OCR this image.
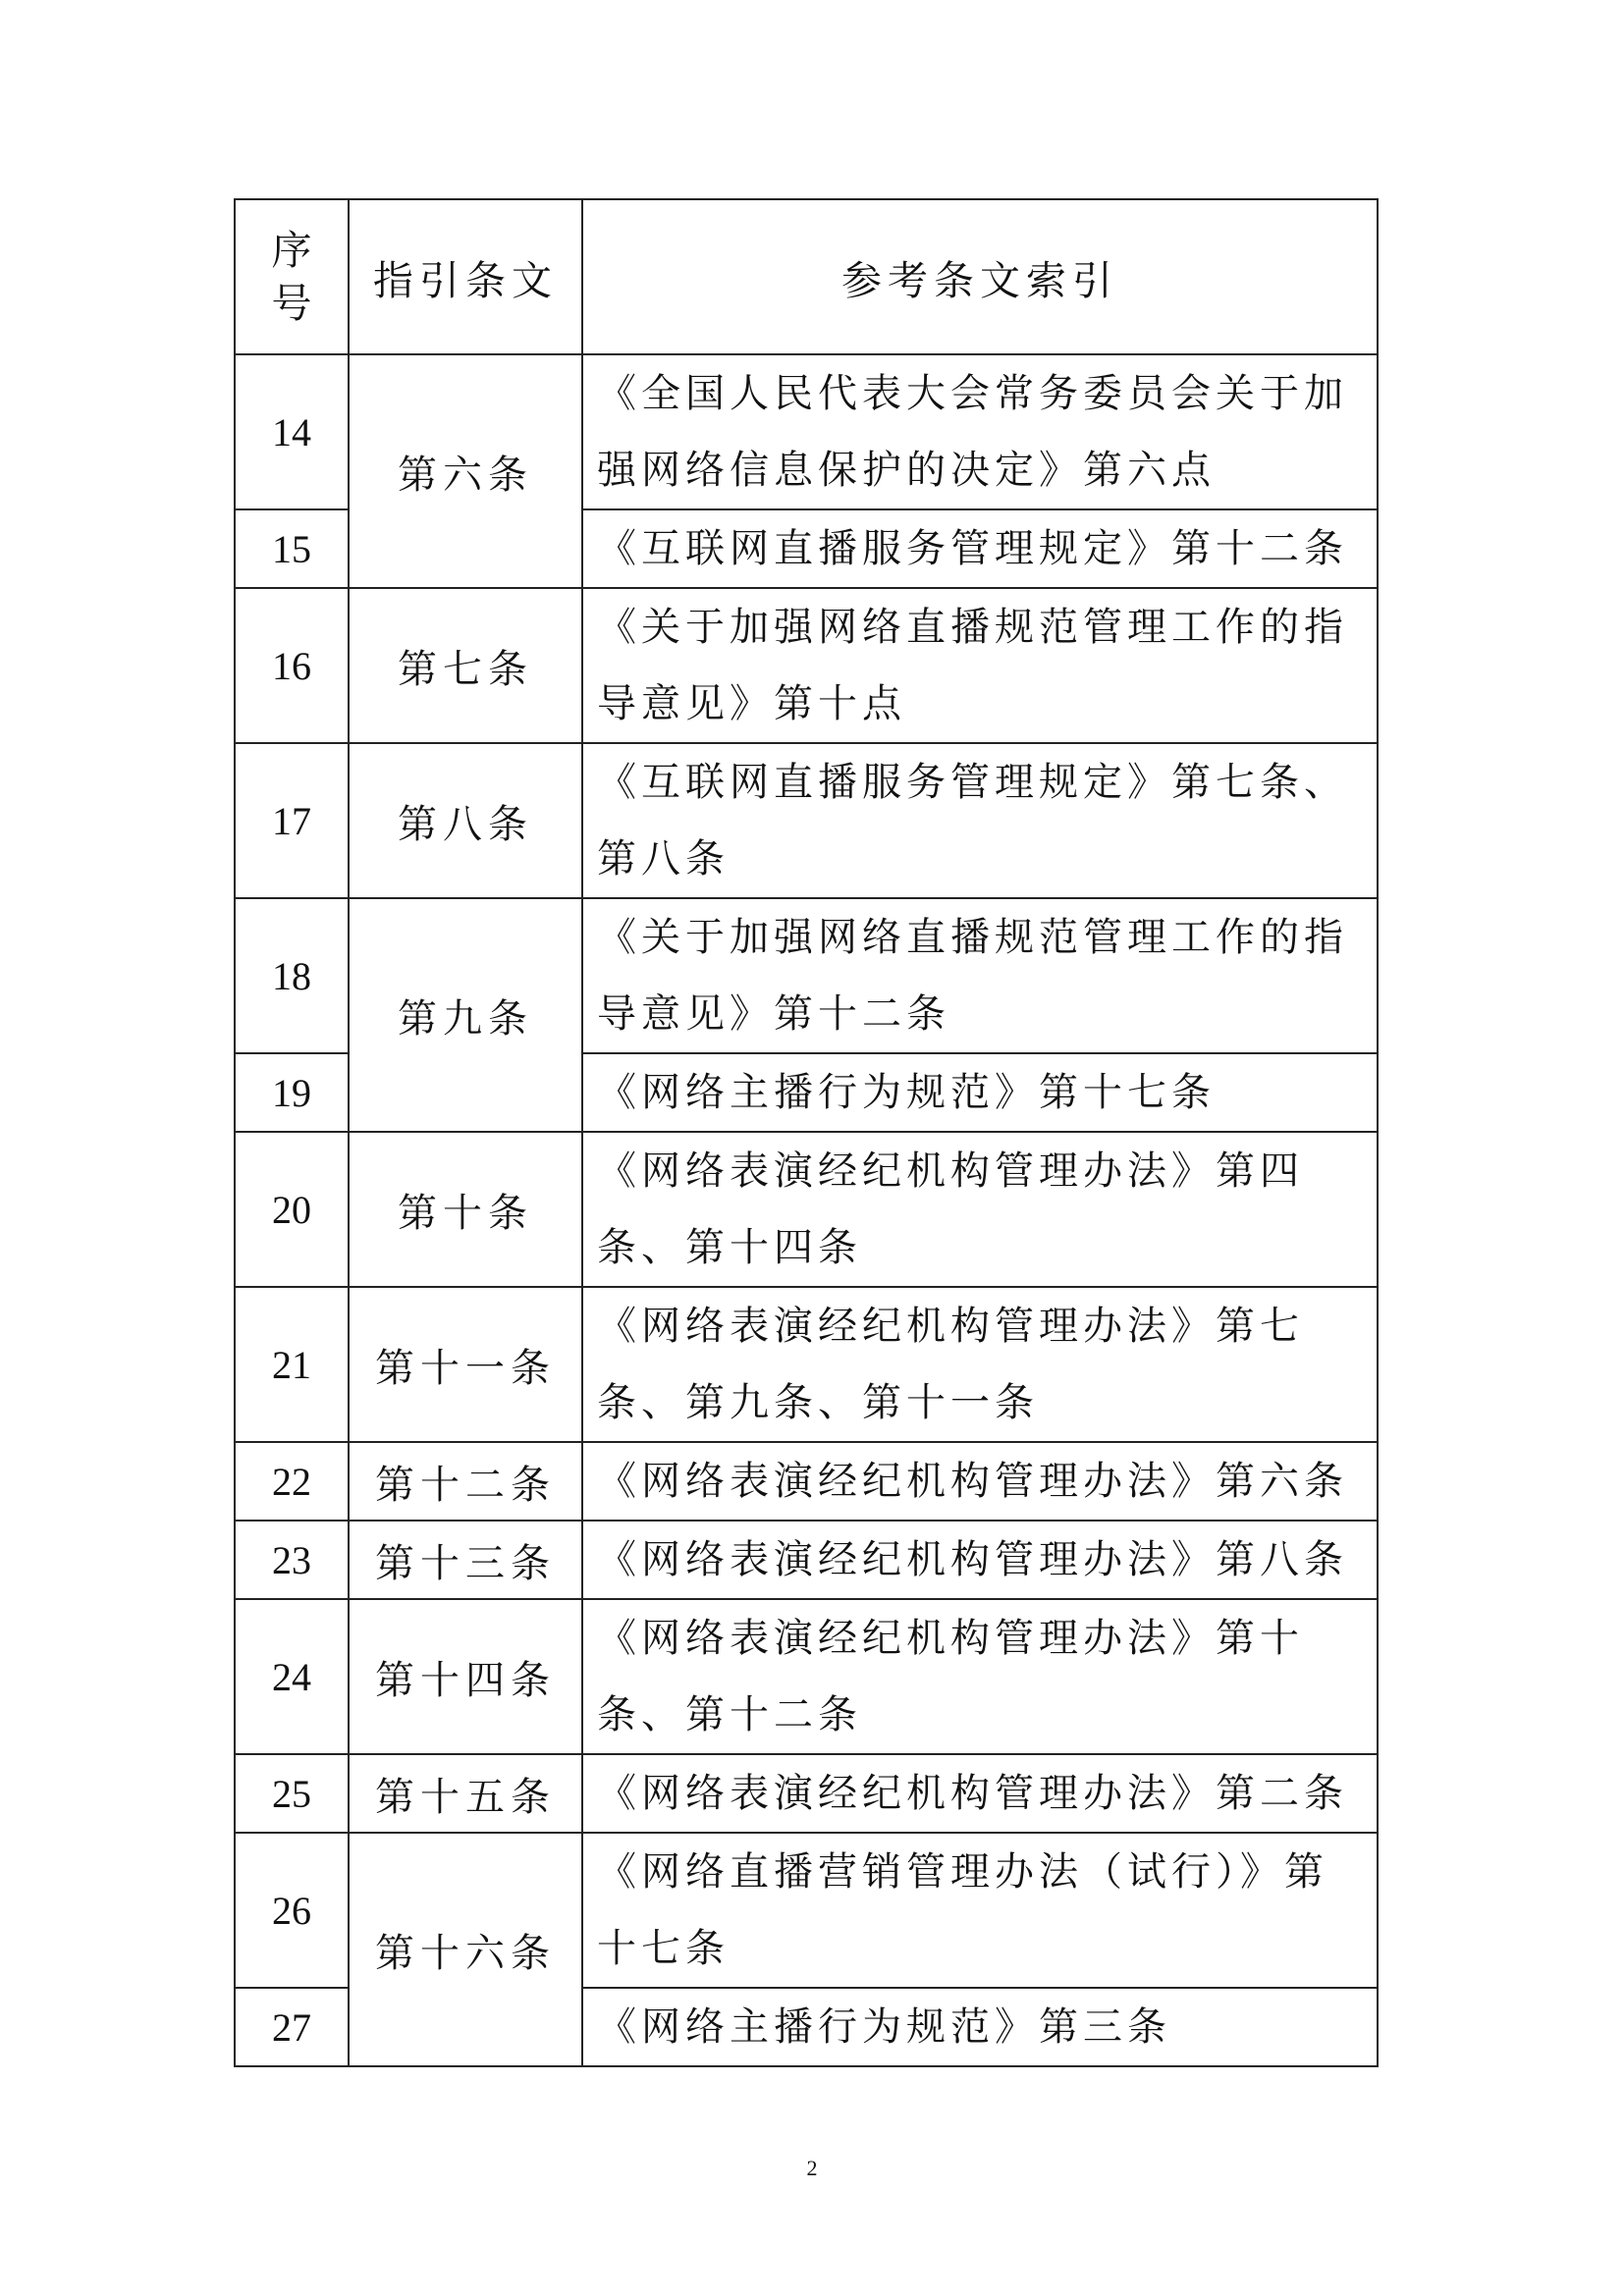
序
号	指引条文	参考条文索引
14	第六条	《全国人民代表大会常务委员会关于加强网络信息保护的决定》第六点
15		《互联网直播服务管理规定》第十二条
16	第七条	《关于加强网络直播规范管理工作的指导意见》第十点
17	第八条	《互联网直播服务管理规定》第七条、第八条
18	第九条	《关于加强网络直播规范管理工作的指导意见》第十二条
19		《网络主播行为规范》第十七条
20	第十条	《网络表演经纪机构管理办法》第四条、第十四条
21	第十一条	《网络表演经纪机构管理办法》第七条、第九条、第十一条
22	第十二条	《网络表演经纪机构管理办法》第六条
23	第十三条	《网络表演经纪机构管理办法》第八条
24	第十四条	《网络表演经纪机构管理办法》第十条、第十二条
25	第十五条	《网络表演经纪机构管理办法》第二条
26	第十六条	《网络直播营销管理办法（试行）》第十七条
27		《网络主播行为规范》第三条
2
